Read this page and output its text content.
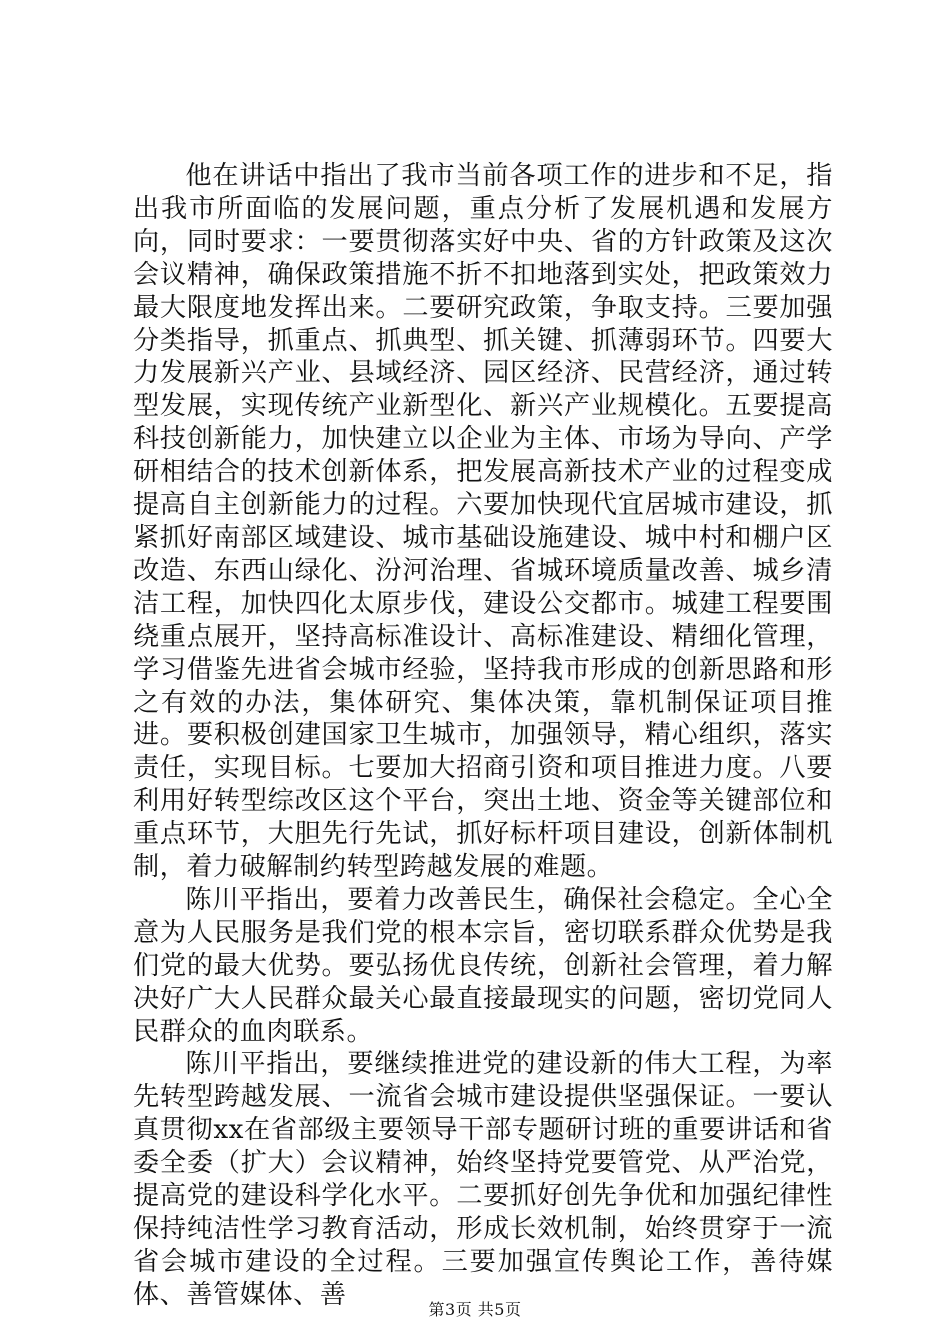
他在讲话中指出了我市当前各项工作的进步和不足，指出我市所面临的发展问题，重点分析了发展机遇和发展方向，同时要求：一要贯彻落实好中央、省的方针政策及这次会议精神，确保政策措施不折不扣地落到实处，把政策效力最大限度地发挥出来。二要研究政策，争取支持。三要加强分类指导，抓重点、抓典型、抓关键、抓薄弱环节。四要大力发展新兴产业、县域经济、园区经济、民营经济，通过转型发展，实现传统产业新型化、新兴产业规模化。五要提高科技创新能力，加快建立以企业为主体、市场为导向、产学研相结合的技术创新体系，把发展高新技术产业的过程变成提高自主创新能力的过程。六要加快现代宜居城市建设，抓紧抓好南部区域建设、城市基础设施建设、城中村和棚户区改造、东西山绿化、汾河治理、省城环境质量改善、城乡清洁工程，加快四化太原步伐，建设公交都市。城建工程要围绕重点展开，坚持高标准设计、高标准建设、精细化管理，学习借鉴先进省会城市经验，坚持我市形成的创新思路和形之有效的办法，集体研究、集体决策，靠机制保证项目推进。要积极创建国家卫生城市，加强领导，精心组织，落实责任，实现目标。七要加大招商引资和项目推进力度。八要利用好转型综改区这个平台，突出土地、资金等关键部位和重点环节，大胆先行先试，抓好标杆项目建设，创新体制机制，着力破解制约转型跨越发展的难题。

陈川平指出，要着力改善民生，确保社会稳定。全心全意为人民服务是我们党的根本宗旨，密切联系群众优势是我们党的最大优势。要弘扬优良传统，创新社会管理，着力解决好广大人民群众最关心最直接最现实的问题，密切党同人民群众的血肉联系。

陈川平指出，要继续推进党的建设新的伟大工程，为率先转型跨越发展、一流省会城市建设提供坚强保证。一要认真贯彻xx在省部级主要领导干部专题研讨班的重要讲话和省委全委（扩大）会议精神，始终坚持党要管党、从严治党，提高党的建设科学化水平。二要抓好创先争优和加强纪律性保持纯洁性学习教育活动，形成长效机制，始终贯穿于一流省会城市建设的全过程。三要加强宣传舆论工作，善待媒体、善管媒体、善	第3页 共5页
